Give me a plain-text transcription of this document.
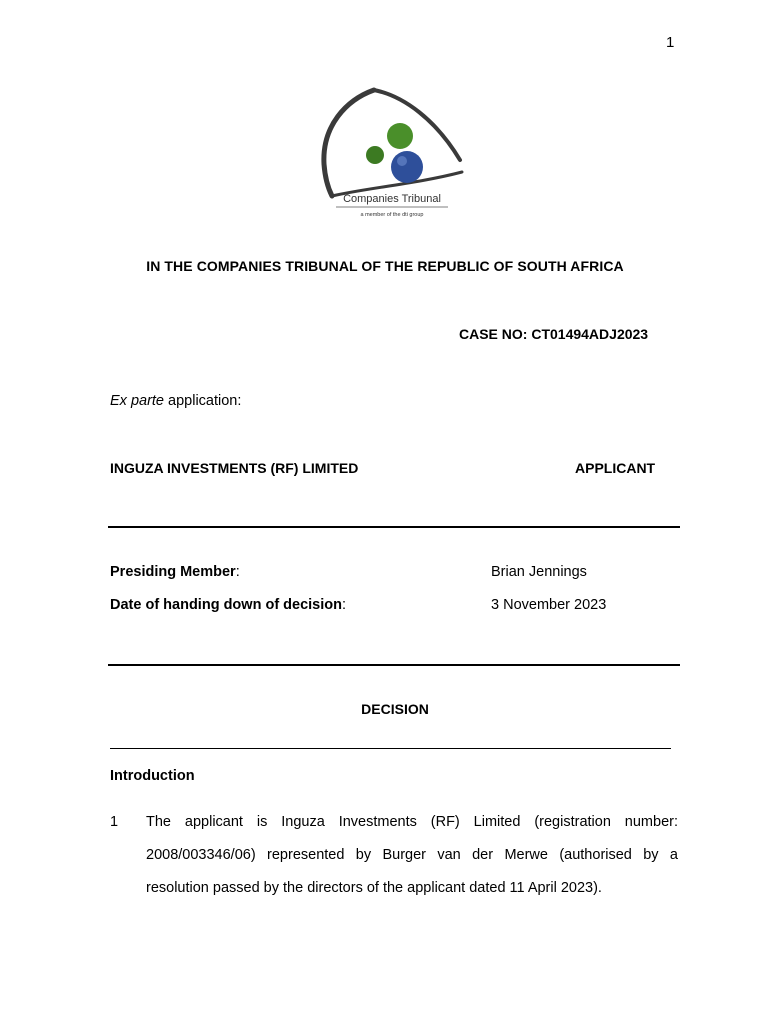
1
Companies Tribunal
a member of the dti group
IN THE COMPANIES TRIBUNAL OF THE REPUBLIC OF SOUTH AFRICA
CASE NO: CT01494ADJ2023
Ex parte application:
INGUZA INVESTMENTS (RF) LIMITED	APPLICANT
Presiding Member:	Brian Jennings
Date of handing down of decision:	3 November 2023
DECISION
Introduction
1 The applicant is Inguza Investments (RF) Limited (registration number:
2008/003346/06) represented by Burger van der Merwe (authorised by a
resolution passed by the directors of the applicant dated 11 April 2023).
